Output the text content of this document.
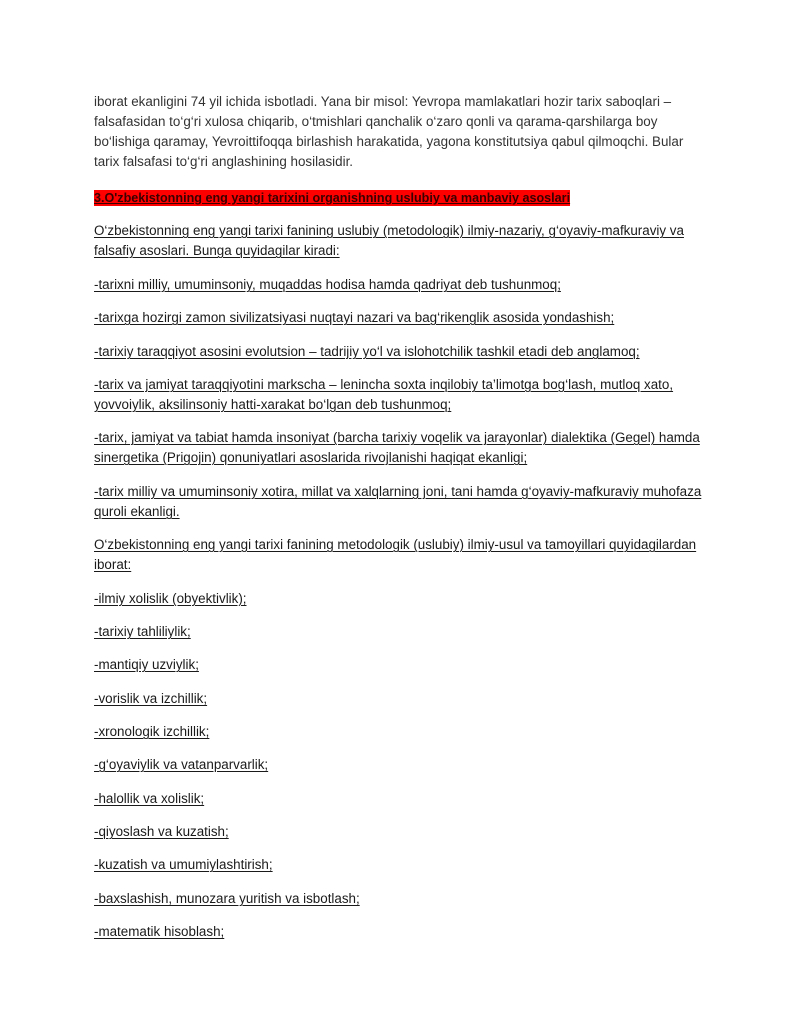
iborat ekanligini 74 yil ichida isbotladi. Yana bir misol: Yevropa mamlakatlari hozir tarix saboqlari – falsafasidan to‘g‘ri xulosa chiqarib, o‘tmishlari qanchalik o‘zaro qonli va qarama-qarshilarga boy bo‘lishiga qaramay, Yevroittifoqqa birlashish harakatida, yagona konstitutsiya qabul qilmoqchi. Bular tarix falsafasi to‘g‘ri anglashining hosilasidir.

3.O'zbekistonning eng yangi tarixini organishning uslubiy va manbaviy asoslari

O‘zbekistonning eng yangi tarixi fanining uslubiy (metodologik) ilmiy-nazariy, g‘oyaviy-mafkuraviy va falsafiy asoslari. Bunga quyidagilar kiradi:

-tarixni milliy, umuminsoniy, muqaddas hodisa hamda qadriyat deb tushunmoq;

-tarixga hozirgi zamon sivilizatsiyasi nuqtayi nazari va bag‘rikenglik asosida yondashish;

-tarixiy taraqqiyot asosini evolutsion – tadrijiy yo‘l va islohotchilik tashkil etadi deb anglamoq;

-tarix va jamiyat taraqqiyotini markscha – lenincha soxta inqilobiy ta’limotga bog‘lash, mutloq xato, yovvoiylik, aksilinsoniy hatti-xarakat bo‘lgan deb tushunmoq;

-tarix, jamiyat va tabiat hamda insoniyat (barcha tarixiy voqelik va jarayonlar) dialektika (Gegel) hamda sinergetika (Prigojin) qonuniyatlari asoslarida rivojlanishi haqiqat ekanligi;

-tarix milliy va umuminsoniy xotira, millat va xalqlarning joni, tani hamda g‘oyaviy-mafkuraviy muhofaza quroli ekanligi.

O‘zbekistonning eng yangi tarixi fanining metodologik (uslubiy) ilmiy-usul va tamoyillari quyidagilardan iborat:

-ilmiy xolislik (obyektivlik);

-tarixiy tahliliylik;

-mantiqiy uzviylik;

-vorislik va izchillik;

-xronologik izchillik;

-g‘oyaviylik va vatanparvarlik;

-halollik va xolislik;

-qiyoslash va kuzatish;

-kuzatish va umumiylashtirish;

-baxslashish, munozara yuritish va isbotlash;

-matematik hisoblash;
